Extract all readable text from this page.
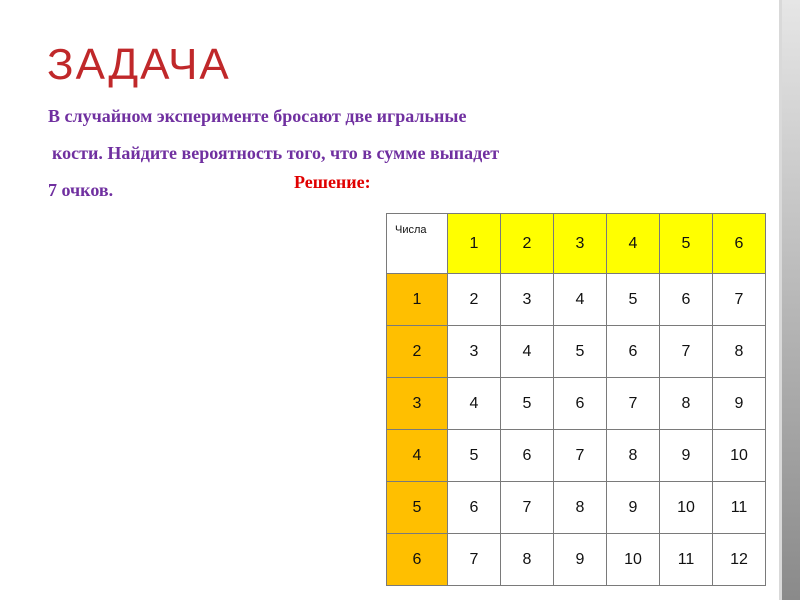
ЗАДАЧА
В случайном эксперименте бросают две игральные
кости. Найдите вероятность того, что в сумме выпадет
7 очков.	Решение:
Числа	1	2	3	4	5	6
1	2	3	4	5	6	7
2	3	4	5	6	7	8
3	4	5	6	7	8	9
4	5	6	7	8	9	10
5	6	7	8	9	10	11
6	7	8	9	10	11	12
